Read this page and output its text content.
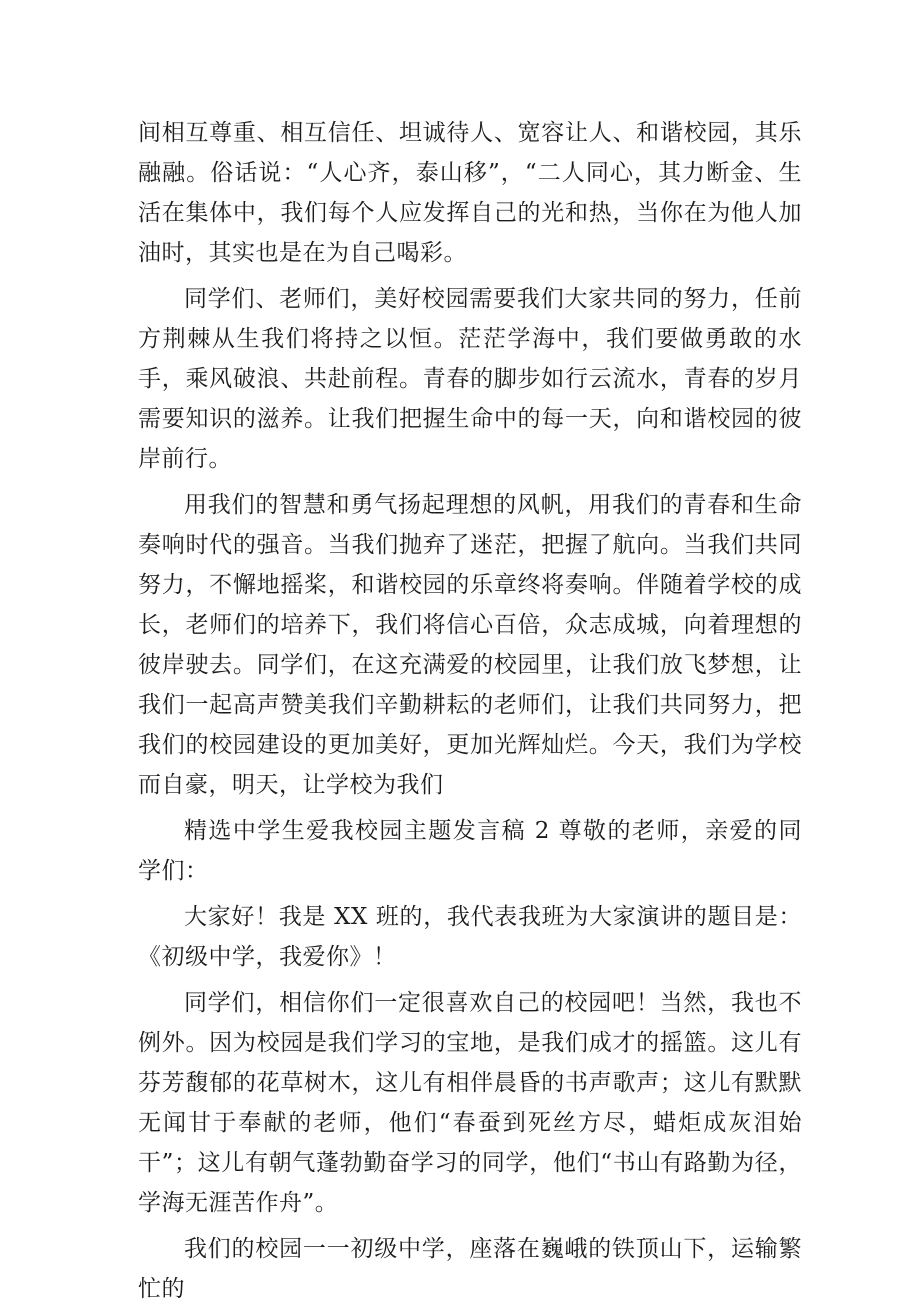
间相互尊重、相互信任、坦诚待人、宽容让人、和谐校园，其乐融融。俗话说：“人心齐，泰山移”，“二人同心，其力断金、生活在集体中，我们每个人应发挥自己的光和热，当你在为他人加油时，其实也是在为自己喝彩。

同学们、老师们，美好校园需要我们大家共同的努力，任前方荆棘从生我们将持之以恒。茫茫学海中，我们要做勇敢的水手，乘风破浪、共赴前程。青春的脚步如行云流水，青春的岁月需要知识的滋养。让我们把握生命中的每一天，向和谐校园的彼岸前行。

用我们的智慧和勇气扬起理想的风帆，用我们的青春和生命奏响时代的强音。当我们抛弃了迷茫，把握了航向。当我们共同努力，不懈地摇桨，和谐校园的乐章终将奏响。伴随着学校的成长，老师们的培养下，我们将信心百倍，众志成城，向着理想的彼岸驶去。同学们，在这充满爱的校园里，让我们放飞梦想，让我们一起高声赞美我们辛勤耕耘的老师们，让我们共同努力，把我们的校园建设的更加美好，更加光辉灿烂。今天，我们为学校而自豪，明天，让学校为我们

精选中学生爱我校园主题发言稿 2 尊敬的老师，亲爱的同学们：

大家好！我是 XX 班的，我代表我班为大家演讲的题目是：《初级中学，我爱你》！

同学们，相信你们一定很喜欢自己的校园吧！当然，我也不例外。因为校园是我们学习的宝地，是我们成才的摇篮。这儿有芬芳馥郁的花草树木，这儿有相伴晨昏的书声歌声；这儿有默默无闻甘于奉献的老师，他们“春蚕到死丝方尽，蜡炬成灰泪始干”；这儿有朝气蓬勃勤奋学习的同学，他们“书山有路勤为径，学海无涯苦作舟”。

我们的校园一一初级中学，座落在巍峨的铁顶山下，运输繁忙的
